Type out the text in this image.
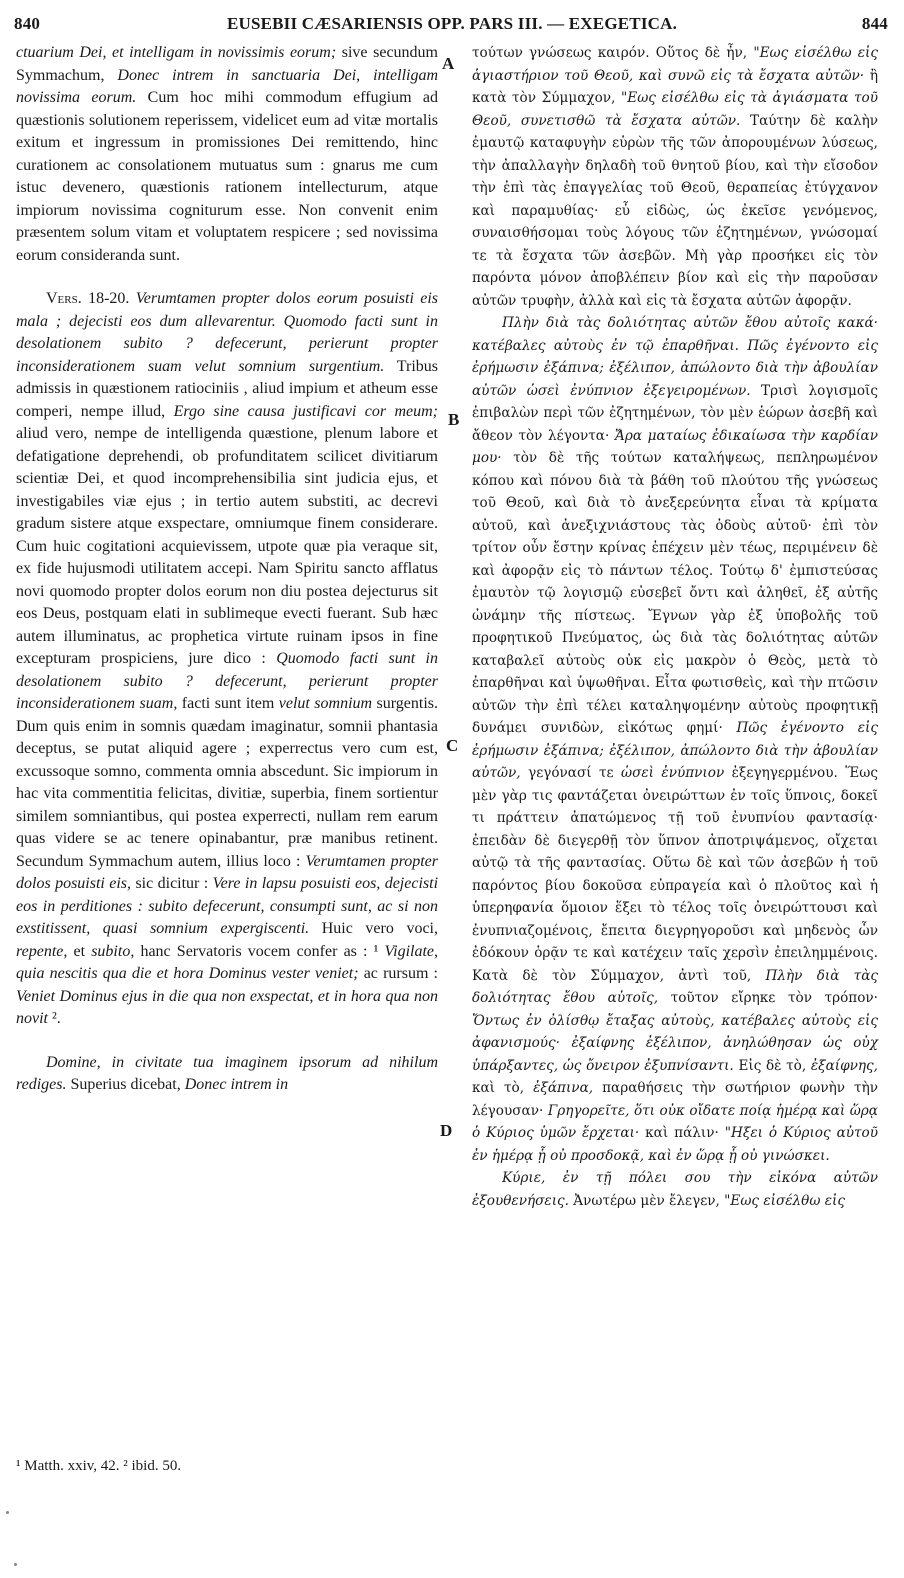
840	EUSEBII CÆSARIENSIS OPP. PARS III. — EXEGETICA.	844

ctuarium Dei, et intelligam in novissimis eorum; sive secundum Symmachum, Donec intrem in sanctuaria Dei, intelligam novissima eorum. Cum hoc mihi commodum effugium ad quæstionis solutionem reperissem, videlicet eum ad vitæ mortalis exitum et ingressum in promissiones Dei remittendo, hinc curationem ac consolationem mutuatus sum : gnarus me cum istuc devenero, quæstionis rationem intellecturum, atque impiorum novissima cogniturum esse. Non convenit enim præsentem solum vitam et voluptatem respicere ; sed novissima eorum consideranda sunt.

Vers. 18-20. Verumtamen propter dolos eorum posuisti eis mala ; dejecisti eos dum allevarentur. Quomodo facti sunt in desolationem subito ? defecerunt, perierunt propter inconsiderationem suam velut somnium surgentium. Tribus admissis in quæstionem ratiociniis , aliud impium et atheum esse comperi, nempe illud, Ergo sine causa justificavi cor meum; aliud vero, nempe de intelligenda quæstione, plenum labore et defatigatione deprehendi, ob profunditatem scilicet divitiarum scientiæ Dei, et quod incomprehensibilia sint judicia ejus, et investigabiles viæ ejus ; in tertio autem substiti, ac decrevi gradum sistere atque exspectare, omniumque finem considerare. Cum huic cogitationi acquievissem, utpote quæ pia veraque sit, ex fide hujusmodi utilitatem accepi. Nam Spiritu sancto afflatus novi quomodo propter dolos eorum non diu postea dejecturus sit eos Deus, postquam elati in sublimeque evecti fuerant. Sub hæc autem illuminatus, ac prophetica virtute ruinam ipsos in fine excepturam prospiciens, jure dico : Quomodo facti sunt in desolationem subito ? defecerunt, perierunt propter inconsiderationem suam, facti sunt item velut somnium surgentis. Dum quis enim in somnis quædam imaginatur, somnii phantasia deceptus, se putat aliquid agere ; experrectus vero cum est, excussoque somno, commenta omnia abscedunt. Sic impiorum in hac vita commentitia felicitas, divitiæ, superbia, finem sortientur similem somniantibus, qui postea experrecti, nullam rem earum quas videre se ac tenere opinabantur, præ manibus retinent. Secundum Symmachum autem, illius loco : Verumtamen propter dolos posuisti eis, sic dicitur : Vere in lapsu posuisti eos, dejecisti eos in perditiones : subito defecerunt, consumpti sunt, ac si non exstitissent, quasi somnium expergiscenti. Huic vero voci, repente, et subito, hanc Servatoris vocem confer as : ¹ Vigilate, quia nescitis qua die et hora Dominus vester veniet; ac rursum : Veniet Dominus ejus in die qua non exspectat, et in hora qua non novit ².

Domine, in civitate tua imaginem ipsorum ad nihilum rediges. Superius dicebat, Donec intrem in

τούτων γνώσεως καιρόν. Οὕτος δὲ ἦν, "Εως εἰσέλθω εἰς ἁγιαστήριον τοῦ Θεοῦ, καὶ συνῶ εἰς τὰ ἔσχατα αὐτῶν· ἢ κατὰ τὸν Σύμμαχον, "Εως εἰσέλθω εἰς τὰ ἁγιάσματα τοῦ Θεοῦ, συνετισθῶ τὰ ἔσχατα αὐτῶν. Ταύτην δὲ καλὴν ἐμαυτῷ καταφυγὴν εὑρὼν τῆς τῶν ἀπορουμένων λύσεως, τὴν ἀπαλλαγὴν δηλαδὴ τοῦ θνητοῦ βίου, καὶ τὴν εἴσοδον τὴν ἐπὶ τὰς ἐπαγγελίας τοῦ Θεοῦ, θεραπείας ἐτύγχανον καὶ παραμυθίας· εὖ εἰδὼς, ὡς ἐκεῖσε γενόμενος, συναισθήσομαι τοὺς λόγους τῶν ἐζητημένων, γνώσομαί τε τὰ ἔσχατα τῶν ἀσεβῶν. Μὴ γὰρ προσήκει εἰς τὸν παρόντα μόνον ἀποβλέπειν βίον καὶ εἰς τὴν παροῦσαν αὐτῶν τρυφὴν, ἀλλὰ καὶ εἰς τὰ ἔσχατα αὐτῶν ἀφορᾷν.

Πλὴν διὰ τὰς δολιότητας αὐτῶν ἔθου αὐτοῖς κακά· κατέβαλες αὐτοὺς ἐν τῷ ἐπαρθῆναι. Πῶς ἐγένοντο εἰς ἐρήμωσιν ἐξάπινα; ἐξέλιπον, ἀπώλοντο διὰ τὴν ἀβουλίαν αὐτῶν ὡσεὶ ἐνύπνιον ἐξεγειρομένων. Τρισὶ λογισμοῖς ἐπιβαλὼν περὶ τῶν ἐζητημένων, τὸν μὲν ἑώρων ἀσεβῆ καὶ ἄθεον τὸν λέγοντα· Ἄρα ματαίως ἐδικαίωσα τὴν καρδίαν μου· τὸν δὲ τῆς τούτων καταλήψεως, πεπληρωμένον κόπου καὶ πόνου διὰ τὰ βάθη τοῦ πλούτου τῆς γνώσεως τοῦ Θεοῦ, καὶ διὰ τὸ ἀνεξερεύνητα εἶναι τὰ κρίματα αὐτοῦ, καὶ ἀνεξιχνιάστους τὰς ὁδοὺς αὐτοῦ· ἐπὶ τὸν τρίτον οὖν ἔστην κρίνας ἐπέχειν μὲν τέως, περιμένειν δὲ καὶ ἀφορᾷν εἰς τὸ πάντων τέλος. Τούτῳ δ' ἐμπιστεύσας ἐμαυτὸν τῷ λογισμῷ εὐσεβεῖ ὄντι καὶ ἀληθεῖ, ἐξ αὐτῆς ὠνάμην τῆς πίστεως. Ἔγνων γὰρ ἐξ ὑποβολῆς τοῦ προφητικοῦ Πνεύματος, ὡς διὰ τὰς δολιότητας αὐτῶν καταβαλεῖ αὐτοὺς οὐκ εἰς μακρὸν ὁ Θεὸς, μετὰ τὸ ἐπαρθῆναι καὶ ὑψωθῆναι. Εἶτα φωτισθεὶς, καὶ τὴν πτῶσιν αὐτῶν τὴν ἐπὶ τέλει καταληψομένην αὐτοὺς προφητικῇ δυνάμει συνιδὼν, εἰκότως φημί· Πῶς ἐγένοντο εἰς ἐρήμωσιν ἐξάπινα; ἐξέλιπον, ἀπώλοντο διὰ τὴν ἀβουλίαν αὐτῶν, γεγόνασί τε ὡσεὶ ἐνύπνιον ἐξεγηγερμένου. Ἕως μὲν γὰρ τις φαντάζεται ὀνειρώττων ἐν τοῖς ὕπνοις, δοκεῖ τι πράττειν ἀπατώμενος τῇ τοῦ ἐνυπνίου φαντασίᾳ· ἐπειδὰν δὲ διεγερθῇ τὸν ὕπνον ἀποτριψάμενος, οἴχεται αὐτῷ τὰ τῆς φαντασίας. Οὕτω δὲ καὶ τῶν ἀσεβῶν ἡ τοῦ παρόντος βίου δοκοῦσα εὐπραγεία καὶ ὁ πλοῦτος καὶ ἡ ὑπερηφανία ὅμοιον ἕξει τὸ τέλος τοῖς ὀνειρώττουσι καὶ ἐνυπνιαζομένοις, ἔπειτα διεγρηγοροῦσι καὶ μηδενὸς ὧν ἐδόκουν ὁρᾷν τε καὶ κατέχειν ταῖς χερσὶν ἐπειλημμένοις. Κατὰ δὲ τὸν Σύμμαχον, ἀντὶ τοῦ, Πλὴν διὰ τὰς δολιότητας ἔθου αὐτοῖς, τοῦτον εἴρηκε τὸν τρόπον· Ὄντως ἐν ὀλίσθῳ ἔταξας αὐτοὺς, κατέβαλες αὐτοὺς εἰς ἀφανισμούς· ἐξαίφνης ἐξέλιπον, ἀνηλώθησαν ὡς οὐχ ὑπάρξαντες, ὡς ὄνειρον ἐξυπνίσαντι. Εἰς δὲ τὸ, ἐξαίφνης, καὶ τὸ, ἐξάπινα, παραθήσεις τὴν σωτήριον φωνὴν τὴν λέγουσαν· Γρηγορεῖτε, ὅτι οὐκ οἴδατε ποίᾳ ἡμέρᾳ καὶ ὥρᾳ ὁ Κύριος ὑμῶν ἔρχεται· καὶ πάλιν· "Ηξει ὁ Κύριος αὐτοῦ ἐν ἡμέρᾳ ᾗ οὐ προσδοκᾷ, καὶ ἐν ὥρᾳ ᾗ οὐ γινώσκει.

Κύριε, ἐν τῇ πόλει σου τὴν εἰκόνα αὐτῶν ἐξουθενήσεις. Ἀνωτέρω μὲν ἔλεγεν, "Εως εἰσέλθω εἰς

A
B
C
D
¹ Matth. xxiv, 42. ² ibid. 50.
